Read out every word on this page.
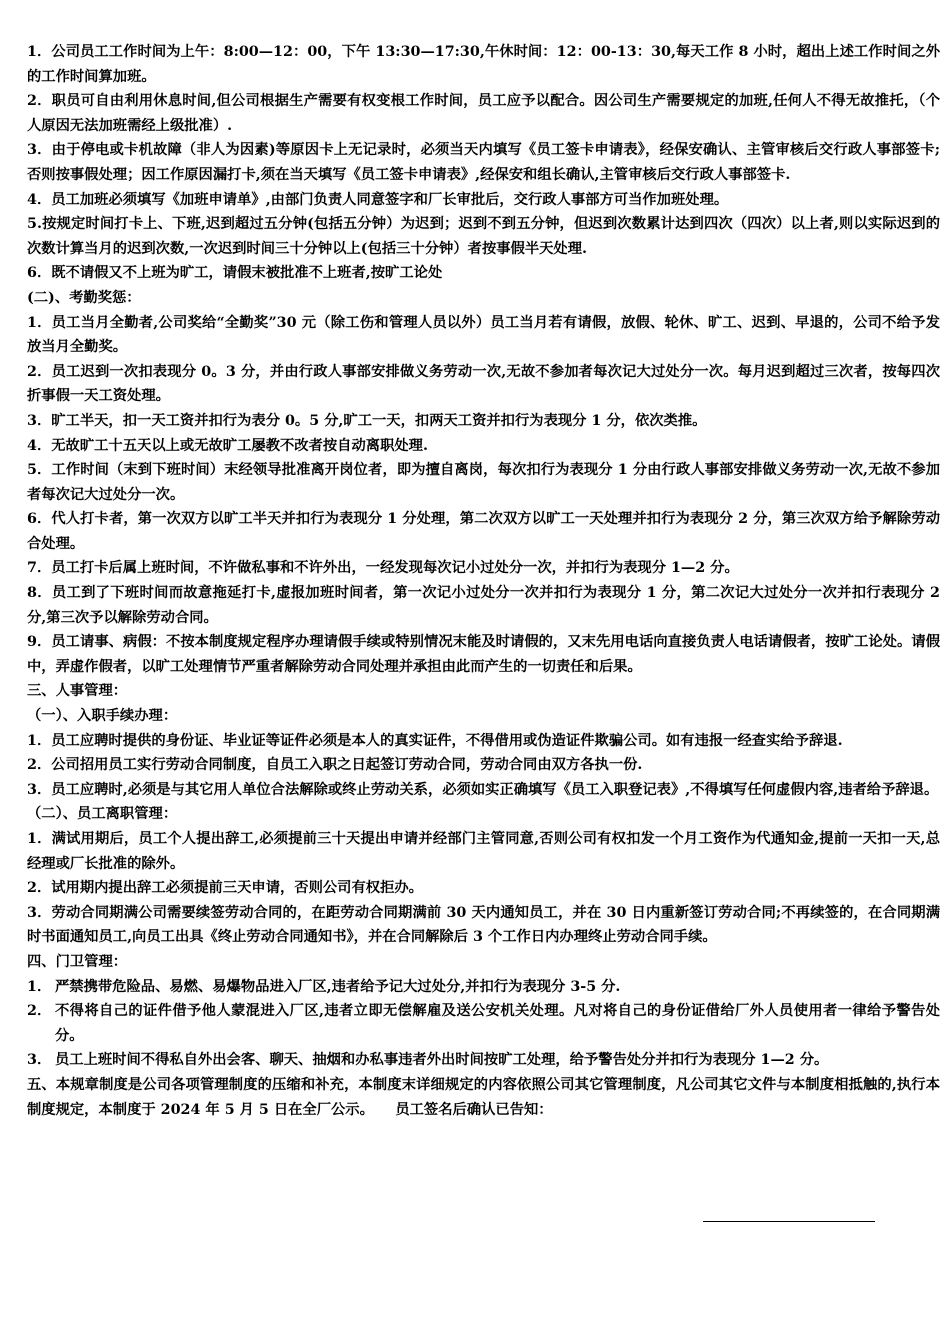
1．公司员工工作时间为上午：8:00—12：00，下午 13:30—17:30,午休时间：12：00-13：30,每天工作 8 小时，超出上述工作时间之外的工作时间算加班。

2．职员可自由利用休息时间,但公司根据生产需要有权变根工作时间，员工应予以配合。因公司生产需要规定的加班,任何人不得无故推托，（个人原因无法加班需经上级批准）.

3．由于停电或卡机故障（非人为因素)等原因卡上无记录时，必须当天内填写《员工签卡申请表》，经保安确认、主管审核后交行政人事部签卡;否则按事假处理；因工作原因漏打卡,须在当天填写《员工签卡申请表》,经保安和组长确认,主管审核后交行政人事部签卡.

4．员工加班必须填写《加班申请单》,由部门负责人同意签字和厂长审批后，交行政人事部方可当作加班处理。

5.按规定时间打卡上、下班,迟到超过五分钟(包括五分钟）为迟到；迟到不到五分钟，但迟到次数累计达到四次（四次）以上者,则以实际迟到的次数计算当月的迟到次数,一次迟到时间三十分钟以上(包括三十分钟）者按事假半天处理.

6．既不请假又不上班为旷工，请假末被批准不上班者,按旷工论处

(二)、考勤奖惩：

1．员工当月全勤者,公司奖给“全勤奖”30 元（除工伤和管理人员以外）员工当月若有请假，放假、轮休、旷工、迟到、早退的，公司不给予发放当月全勤奖。

2．员工迟到一次扣表现分 0。3 分，并由行政人事部安排做义务劳动一次,无故不参加者每次记大过处分一次。每月迟到超过三次者，按每四次折事假一天工资处理。

3．旷工半天，扣一天工资并扣行为表分 0。5 分,旷工一天，扣两天工资并扣行为表现分 1 分，依次类推。

4．无故旷工十五天以上或无故旷工屡教不改者按自动离职处理.

5．工作时间（末到下班时间）末经领导批准离开岗位者，即为擅自离岗，每次扣行为表现分 1 分由行政人事部安排做义务劳动一次,无故不参加者每次记大过处分一次。

6．代人打卡者，第一次双方以旷工半天并扣行为表现分 1 分处理，第二次双方以旷工一天处理并扣行为表现分 2 分，第三次双方给予解除劳动合处理。

7．员工打卡后属上班时间，不许做私事和不许外出，一经发现每次记小过处分一次，并扣行为表现分 1—2 分。

8．员工到了下班时间而故意拖延打卡,虚报加班时间者，第一次记小过处分一次并扣行为表现分 1 分，第二次记大过处分一次并扣行表现分 2 分,第三次予以解除劳动合同。

9．员工请事、病假：不按本制度规定程序办理请假手续或特别情况末能及时请假的，又末先用电话向直接负责人电话请假者，按旷工论处。请假中，弄虚作假者，以旷工处理情节严重者解除劳动合同处理并承担由此而产生的一切责任和后果。

三、人事管理：

（一）、入职手续办理：

1．员工应聘时提供的身份证、毕业证等证件必须是本人的真实证件，不得借用或伪造证件欺骗公司。如有违报一经查实给予辞退.

2．公司招用员工实行劳动合同制度，自员工入职之日起签订劳动合同，劳动合同由双方各执一份.

3．员工应聘时,必须是与其它用人单位合法解除或终止劳动关系，必须如实正确填写《员工入职登记表》,不得填写任何虚假内容,违者给予辞退。

（二）、员工离职管理：

1．满试用期后，员工个人提出辞工,必须提前三十天提出申请并经部门主管同意,否则公司有权扣发一个月工资作为代通知金,提前一天扣一天,总经理或厂长批准的除外。

2．试用期内提出辞工必须提前三天申请，否则公司有权拒办。

3．劳动合同期满公司需要续签劳动合同的，在距劳动合同期满前 30 天内通知员工，并在 30 日内重新签订劳动合同;不再续签的，在合同期满时书面通知员工,向员工出具《终止劳动合同通知书》，并在合同解除后 3 个工作日内办理终止劳动合同手续。

四、门卫管理：

1． 严禁携带危险品、易燃、易爆物品进入厂区,违者给予记大过处分,并扣行为表现分 3-5 分.
2． 不得将自己的证件借予他人蒙混进入厂区,违者立即无偿解雇及送公安机关处理。凡对将自己的身份证借给厂外人员使用者一律给予警告处分。
3． 员工上班时间不得私自外出会客、聊天、抽烟和办私事违者外出时间按旷工处理，给予警告处分并扣行为表现分 1—2 分。

五、本规章制度是公司各项管理制度的压缩和补充，本制度末详细规定的内容依照公司其它管理制度，凡公司其它文件与本制度相抵触的,执行本制度规定，本制度于 2024 年 5 月 5 日在全厂公示。　　员工签名后确认已告知：
